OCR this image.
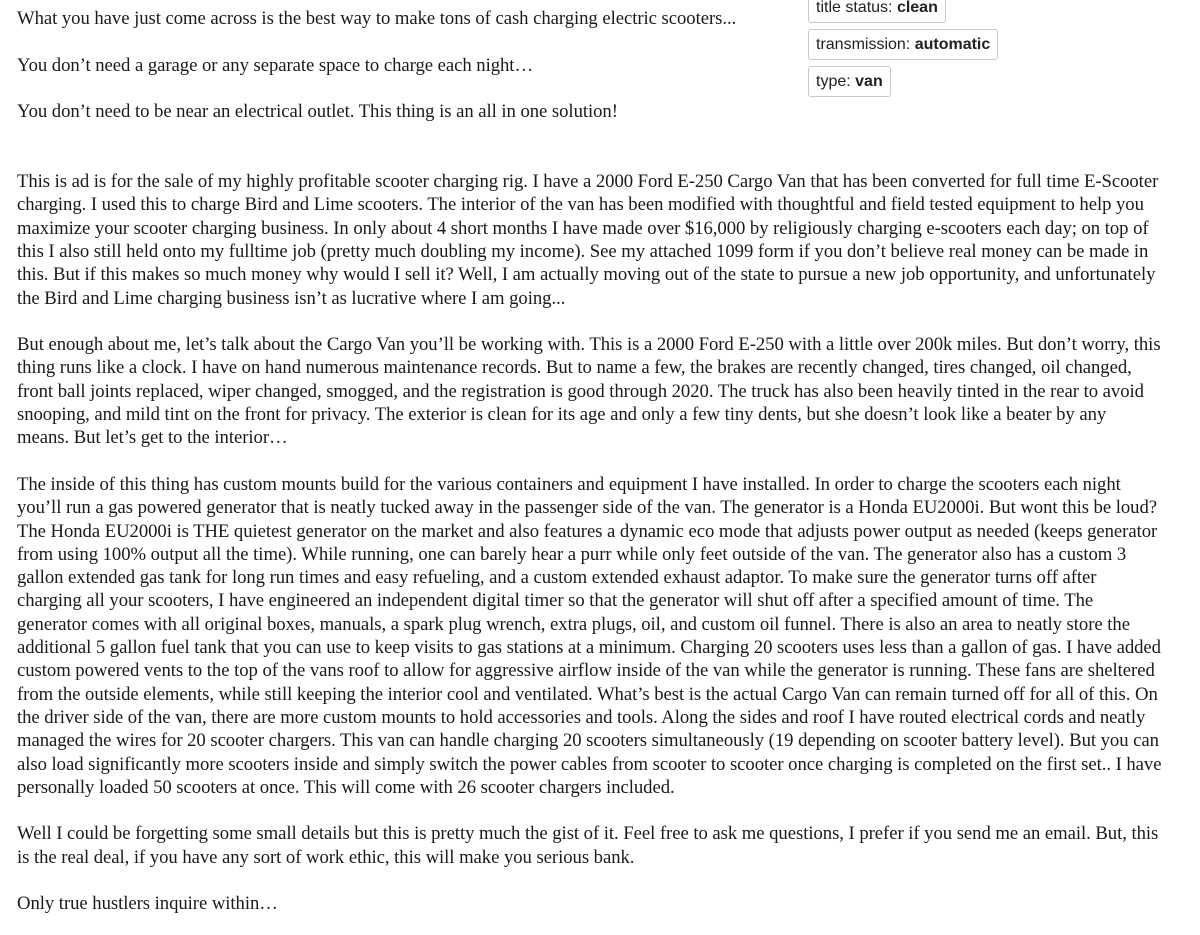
title status: clean
transmission: automatic
type: van

What you have just come across is the best way to make tons of cash charging electric scooters...

You don’t need a garage or any separate space to charge each night…

You don’t need to be near an electrical outlet. This thing is an all in one solution!

This is ad is for the sale of my highly profitable scooter charging rig. I have a 2000 Ford E-250 Cargo Van that has been converted for full time E-Scooter charging. I used this to charge Bird and Lime scooters. The interior of the van has been modified with thoughtful and field tested equipment to help you maximize your scooter charging business. In only about 4 short months I have made over $16,000 by religiously charging e-scooters each day; on top of this I also still held onto my fulltime job (pretty much doubling my income). See my attached 1099 form if you don’t believe real money can be made in this. But if this makes so much money why would I sell it? Well, I am actually moving out of the state to pursue a new job opportunity, and unfortunately the Bird and Lime charging business isn’t as lucrative where I am going...

But enough about me, let’s talk about the Cargo Van you’ll be working with. This is a 2000 Ford E-250 with a little over 200k miles. But don’t worry, this thing runs like a clock. I have on hand numerous maintenance records. But to name a few, the brakes are recently changed, tires changed, oil changed, front ball joints replaced, wiper changed, smogged, and the registration is good through 2020. The truck has also been heavily tinted in the rear to avoid snooping, and mild tint on the front for privacy. The exterior is clean for its age and only a few tiny dents, but she doesn’t look like a beater by any means. But let’s get to the interior…

The inside of this thing has custom mounts build for the various containers and equipment I have installed. In order to charge the scooters each night you’ll run a gas powered generator that is neatly tucked away in the passenger side of the van. The generator is a Honda EU2000i. But wont this be loud? The Honda EU2000i is THE quietest generator on the market and also features a dynamic eco mode that adjusts power output as needed (keeps generator from using 100% output all the time). While running, one can barely hear a purr while only feet outside of the van. The generator also has a custom 3 gallon extended gas tank for long run times and easy refueling, and a custom extended exhaust adaptor. To make sure the generator turns off after charging all your scooters, I have engineered an independent digital timer so that the generator will shut off after a specified amount of time. The generator comes with all original boxes, manuals, a spark plug wrench, extra plugs, oil, and custom oil funnel. There is also an area to neatly store the additional 5 gallon fuel tank that you can use to keep visits to gas stations at a minimum. Charging 20 scooters uses less than a gallon of gas. I have added custom powered vents to the top of the vans roof to allow for aggressive airflow inside of the van while the generator is running. These fans are sheltered from the outside elements, while still keeping the interior cool and ventilated. What’s best is the actual Cargo Van can remain turned off for all of this. On the driver side of the van, there are more custom mounts to hold accessories and tools. Along the sides and roof I have routed electrical cords and neatly managed the wires for 20 scooter chargers. This van can handle charging 20 scooters simultaneously (19 depending on scooter battery level). But you can also load significantly more scooters inside and simply switch the power cables from scooter to scooter once charging is completed on the first set.. I have personally loaded 50 scooters at once. This will come with 26 scooter chargers included.

Well I could be forgetting some small details but this is pretty much the gist of it. Feel free to ask me questions, I prefer if you send me an email. But, this is the real deal, if you have any sort of work ethic, this will make you serious bank.

Only true hustlers inquire within…
